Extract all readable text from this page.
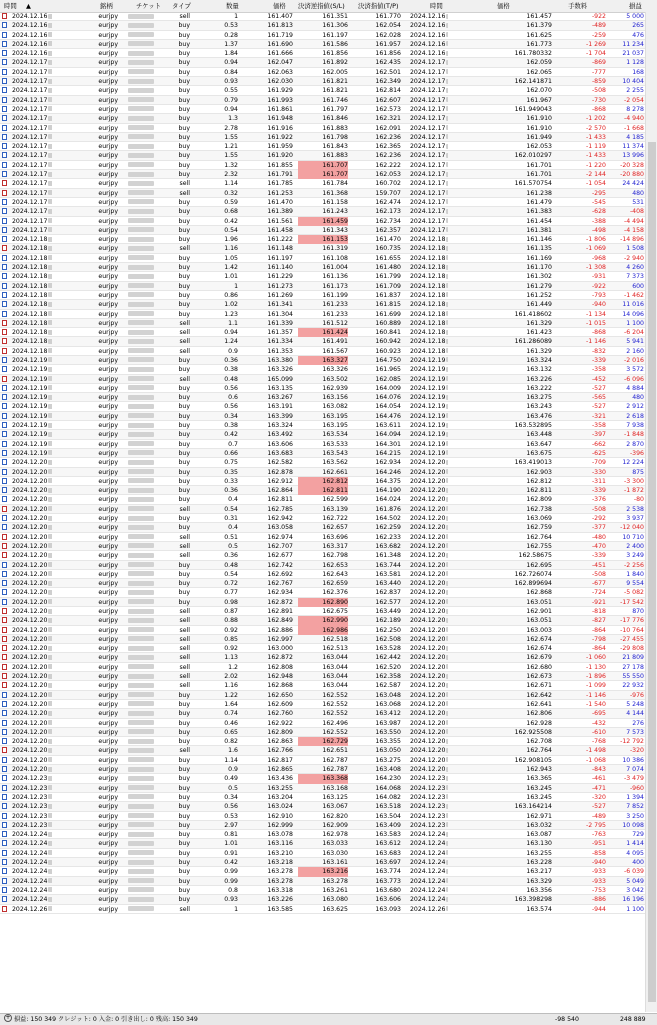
時間 ▲	銘柄	チケット タイプ	数量	価格 決済逆指値(S/L) 決済指値(T/P)	時間	価格	手数料	損益
2024.12.16	eurjpy	sell	1	161.407	161.351	161.770 2024.12.16	161.457	-922	5 000
2024.12.16	eurjpy	buy	0.53	161.813	161.306	162.054 2024.12.16	161.379	-489	265
2024.12.16	eurjpy	buy	0.28	161.719	161.197	162.028 2024.12.16	161.625	-259	476
2024.12.16	eurjpy	buy	1.37	161.690	161.586	161.957 2024.12.16	161.773	-1 269	11 234
2024.12.16	eurjpy	buy	1.84	161.666	161.856	161.856 2024.12.16	161.780332	-1 704	21 037
2024.12.17	eurjpy	buy	0.94	162.047	161.892	162.435 2024.12.17	162.059	-869	1 128
2024.12.17	eurjpy	buy	0.84	162.063	162.005	162.501 2024.12.17	162.065	-777	168
2024.12.17	eurjpy	buy	0.93	162.030	161.821	162.349 2024.12.17	162.141871	-859	10 404
2024.12.17	eurjpy	buy	0.55	161.929	161.821	162.814 2024.12.17	162.070	-508	2 255
2024.12.17	eurjpy	buy	0.79	161.993	161.746	162.607 2024.12.17	161.967	-730	-2 054
2024.12.17	eurjpy	buy	0.94	161.861	161.797	162.573 2024.12.17	161.949043	-868	8 278
2024.12.17	eurjpy	buy	1.3	161.948	161.846	162.321 2024.12.17	161.910	-1 202	-4 940
2024.12.17	eurjpy	buy	2.78	161.916	161.883	162.091 2024.12.17	161.910	-2 570	-1 668
2024.12.17	eurjpy	buy	1.55	161.922	161.798	162.236 2024.12.17	161.949	-1 433	4 185
2024.12.17	eurjpy	buy	1.21	161.959	161.843	162.365 2024.12.17	162.053	-1 119	11 374
2024.12.17	eurjpy	buy	1.55	161.920	161.883	162.236 2024.12.17	162.010297	-1 433	13 996
2024.12.17	eurjpy	buy	1.32	161.855	161.707	162.222 2024.12.17	161.701	-1 220	-20 328
2024.12.17	eurjpy	buy	2.32	161.791	161.707	162.053 2024.12.17	161.701	-2 144	-20 880
2024.12.17	eurjpy	sell	1.14	161.785	161.784	160.702 2024.12.17	161.570754	-1 054	24 424
2024.12.17	eurjpy	sell	0.32	161.253	161.368	159.707 2024.12.17	161.238	-295	480
2024.12.17	eurjpy	buy	0.59	161.470	161.158	162.474 2024.12.17	161.479	-545	531
2024.12.17	eurjpy	buy	0.68	161.389	161.243	162.173 2024.12.17	161.383	-628	-408
2024.12.17	eurjpy	buy	0.42	161.561	161.459	162.734 2024.12.17	161.454	-388	-4 494
2024.12.17	eurjpy	buy	0.54	161.458	161.343	162.357 2024.12.17	161.381	-498	-4 158
2024.12.18	eurjpy	buy	1.96	161.222	161.153	161.470 2024.12.18	161.146	-1 806	-14 896
2024.12.18	eurjpy	sell	1.16	161.148	161.319	160.735 2024.12.18	161.135	-1 069	1 508
2024.12.18	eurjpy	buy	1.05	161.197	161.108	161.655 2024.12.18	161.169	-968	-2 940
2024.12.18	eurjpy	buy	1.42	161.140	161.004	161.480 2024.12.18	161.170	-1 308	4 260
2024.12.18	eurjpy	buy	1.01	161.229	161.136	161.799 2024.12.18	161.302	-931	7 373
2024.12.18	eurjpy	buy	1	161.273	161.173	161.709 2024.12.18	161.279	-922	600
2024.12.18	eurjpy	buy	0.86	161.269	161.199	161.837 2024.12.18	161.252	-793	-1 462
2024.12.18	eurjpy	buy	1.02	161.341	161.233	161.815 2024.12.18	161.449	-940	11 016
2024.12.18	eurjpy	buy	1.23	161.304	161.233	161.699 2024.12.18	161.418602	-1 134	14 096
2024.12.18	eurjpy	sell	1.1	161.339	161.512	160.889 2024.12.18	161.329	-1 015	1 100
2024.12.18	eurjpy	sell	0.94	161.357	161.424	160.841 2024.12.18	161.423	-868	-6 204
2024.12.18	eurjpy	sell	1.24	161.334	161.491	160.942 2024.12.18	161.286089	-1 146	5 941
2024.12.18	eurjpy	sell	0.9	161.353	161.567	160.923 2024.12.18	161.329	-832	2 160
2024.12.19	eurjpy	buy	0.36	163.380	163.327	164.750 2024.12.19	163.324	-339	-2 016
2024.12.19	eurjpy	buy	0.38	163.326	163.326	161.965 2024.12.19	163.132	-358	3 572
2024.12.19	eurjpy	sell	0.48	165.099	163.502	162.085 2024.12.19	163.226	-452	-6 096
2024.12.19	eurjpy	buy	0.56	163.135	162.939	164.009 2024.12.19	163.222	-527	4 884
2024.12.19	eurjpy	buy	0.6	163.267	163.156	164.076 2024.12.19	163.275	-565	480
2024.12.19	eurjpy	buy	0.56	163.191	163.082	164.054 2024.12.19	163.243	-527	2 912
2024.12.19	eurjpy	buy	0.34	163.399	163.195	164.476 2024.12.19	163.476	-321	2 618
2024.12.19	eurjpy	buy	0.38	163.324	163.195	163.611 2024.12.19	163.532895	-358	7 938
2024.12.19	eurjpy	buy	0.42	163.492	163.534	164.094 2024.12.19	163.448	-397	-1 848
2024.12.19	eurjpy	buy	0.7	163.606	163.533	164.301 2024.12.19	163.647	-662	2 870
2024.12.19	eurjpy	buy	0.66	163.683	163.543	164.215 2024.12.19	163.675	-625	-396
2024.12.20	eurjpy	buy	0.75	162.582	163.562	162.934 2024.12.20	163.419013	-709	12 224
2024.12.20	eurjpy	buy	0.35	162.878	162.661	164.246 2024.12.20	162.903	-330	875
2024.12.20	eurjpy	buy	0.33	162.912	162.812	164.375 2024.12.20	162.812	-311	-3 300
2024.12.20	eurjpy	buy	0.36	162.864	162.811	164.190 2024.12.20	162.811	-339	-1 872
2024.12.20	eurjpy	buy	0.4	162.811	162.599	164.024 2024.12.20	162.809	-376	-80
2024.12.20	eurjpy	sell	0.54	162.785	163.139	161.876 2024.12.20	162.738	-508	2 538
2024.12.20	eurjpy	buy	0.31	162.942	162.722	164.502 2024.12.20	163.069	-292	3 937
2024.12.20	eurjpy	buy	0.4	163.058	162.657	162.259 2024.12.20	162.759	-377	-12 040
2024.12.20	eurjpy	sell	0.51	162.974	163.696	162.233 2024.12.20	162.764	-480	10 710
2024.12.20	eurjpy	sell	0.5	162.707	163.317	163.682 2024.12.20	162.755	-470	2 400
2024.12.20	eurjpy	sell	0.36	162.677	162.798	161.348 2024.12.20	162.58675	-339	3 249
2024.12.20	eurjpy	buy	0.48	162.742	162.653	163.744 2024.12.20	162.695	-451	-2 256
2024.12.20	eurjpy	buy	0.54	162.692	162.643	163.581 2024.12.20	162.726074	-508	1 840
2024.12.20	eurjpy	buy	0.72	162.767	162.659	163.440 2024.12.20	162.899694	-677	9 554
2024.12.20	eurjpy	buy	0.77	162.934	162.376	162.837 2024.12.20	162.868	-724	-5 082
2024.12.20	eurjpy	buy	0.98	162.872	162.890	162.577 2024.12.20	163.051	-921	-17 542
2024.12.20	eurjpy	sell	0.87	162.891	162.675	163.449 2024.12.20	162.901	-818	870
2024.12.20	eurjpy	sell	0.88	162.849	162.990	162.189 2024.12.20	163.051	-827	-17 776
2024.12.20	eurjpy	sell	0.92	162.886	162.986	162.250 2024.12.20	163.003	-864	-10 764
2024.12.20	eurjpy	sell	0.85	162.997	162.518	162.508 2024.12.20	162.674	-798	-27 455
2024.12.20	eurjpy	sell	0.92	163.000	162.513	163.528 2024.12.20	162.674	-864	-29 808
2024.12.20	eurjpy	sell	1.13	162.872	163.044	162.442 2024.12.20	162.679	-1 060	21 809
2024.12.20	eurjpy	sell	1.2	162.808	163.044	162.520 2024.12.20	162.680	-1 130	27 178
2024.12.20	eurjpy	sell	2.02	162.948	163.044	162.358 2024.12.20	162.673	-1 896	55 550
2024.12.20	eurjpy	sell	1.16	162.868	163.044	162.587 2024.12.20	162.671	-1 099	22 932
2024.12.20	eurjpy	buy	1.22	162.650	162.552	163.048 2024.12.20	162.642	-1 146	-976
2024.12.20	eurjpy	buy	1.64	162.609	162.552	163.068 2024.12.20	162.641	-1 540	5 248
2024.12.20	eurjpy	buy	0.74	162.760	162.552	163.412 2024.12.20	162.806	-695	4 144
2024.12.20	eurjpy	buy	0.46	162.922	162.496	163.987 2024.12.20	162.928	-432	276
2024.12.20	eurjpy	buy	0.65	162.809	162.552	163.550 2024.12.20	162.925508	-610	7 573
2024.12.20	eurjpy	buy	0.82	162.863	162.729	163.355 2024.12.20	162.708	-768	-12 792
2024.12.20	eurjpy	sell	1.6	162.766	162.651	163.050 2024.12.20	162.764	-1 498	-320
2024.12.20	eurjpy	buy	1.14	162.817	162.787	163.275 2024.12.20	162.908105	-1 068	10 386
2024.12.20	eurjpy	buy	0.9	162.865	162.787	163.408 2024.12.20	162.943	-843	7 074
2024.12.23	eurjpy	buy	0.49	163.436	163.368	164.230 2024.12.23	163.365	-461	-3 479
2024.12.23	eurjpy	buy	0.5	163.255	163.168	164.068 2024.12.23	163.245	-471	-960
2024.12.23	eurjpy	buy	0.34	163.204	163.125	164.082 2024.12.23	163.245	-320	1 394
2024.12.23	eurjpy	buy	0.56	163.024	163.067	163.518 2024.12.23	163.164214	-527	7 852
2024.12.23	eurjpy	buy	0.53	162.910	162.820	163.504 2024.12.23	162.971	-489	3 250
2024.12.23	eurjpy	buy	2.97	162.999	162.909	163.409 2024.12.23	163.032	-2 795	10 098
2024.12.24	eurjpy	buy	0.81	163.078	162.978	163.583 2024.12.24	163.087	-763	729
2024.12.24	eurjpy	buy	1.01	163.116	163.033	163.612 2024.12.24	163.130	-951	1 414
2024.12.24	eurjpy	buy	0.91	163.210	163.030	163.683 2024.12.24	163.255	-858	4 095
2024.12.24	eurjpy	buy	0.42	163.218	163.161	163.697 2024.12.24	163.228	-940	400
2024.12.24	eurjpy	buy	0.99	163.278	163.216	163.774 2024.12.24	163.217	-933	-6 039
2024.12.24	eurjpy	buy	0.99	163.278	163.278	163.773 2024.12.24	163.329	-933	5 049
2024.12.24	eurjpy	buy	0.8	163.318	163.261	163.680 2024.12.24	163.356	-753	3 042
2024.12.24	eurjpy	buy	0.93	163.226	163.080	163.606 2024.12.24	163.398298	-886	16 196
2024.12.26	eurjpy	sell	1	163.585	163.625	163.093 2024.12.26	163.574	-944	1 100
+ 損益: 150 349 クレジット: 0 入金: 0 引き出し: 0 残高: 150 349	-98 540	248 889
